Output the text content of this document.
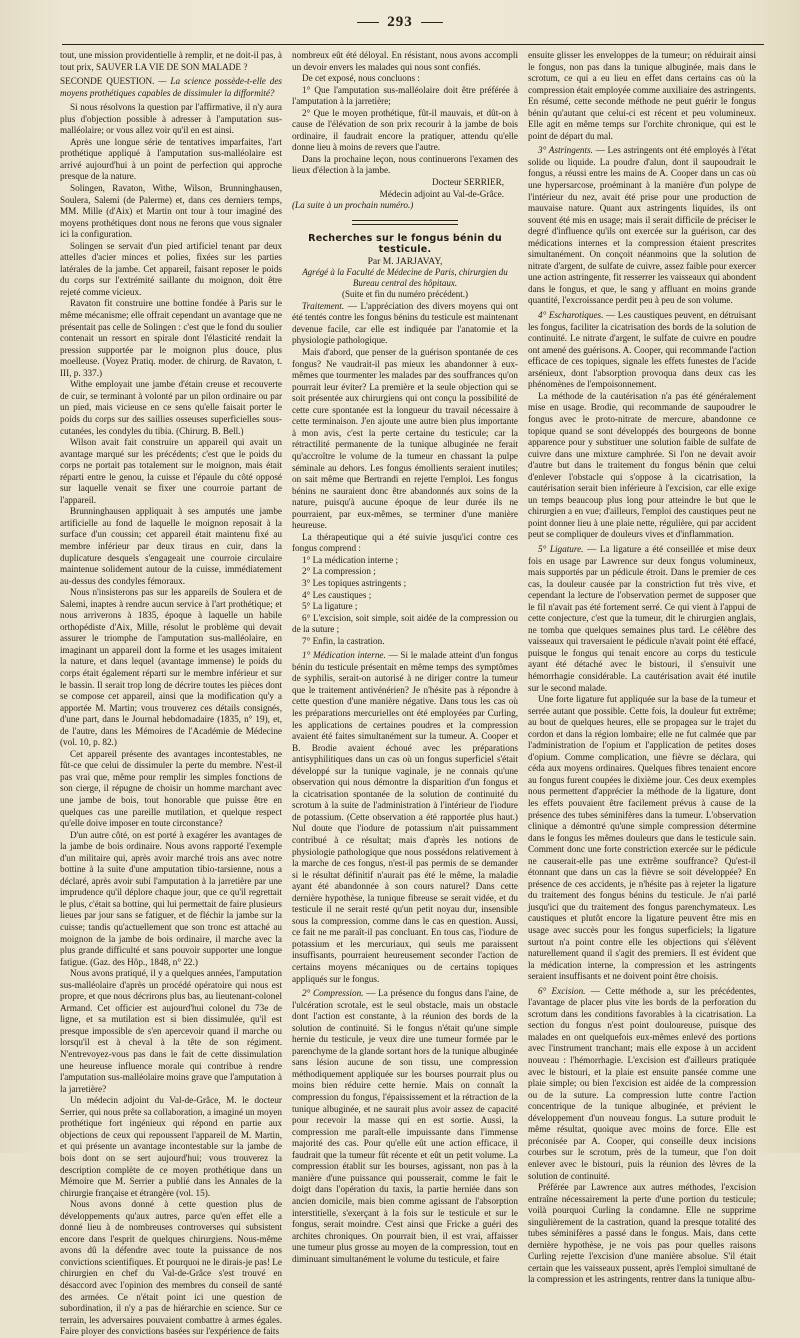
293

tout, une mission providentielle à remplir, et ne doit-il pas, à tout prix, SAUVER LA VIE DE SON MALADE ?

SECONDE QUESTION. — La science possède-t-elle des moyens prothétiques capables de dissimuler la difformité?

Si nous résolvons la question par l'affirmative, il n'y aura plus d'objection possible à adresser à l'amputation sus-malléolaire; or vous allez voir qu'il en est ainsi.

Après une longue série de tentatives imparfaites, l'art prothétique appliqué à l'amputation sus-malléolaire est arrivé aujourd'hui à un point de perfection qui approche presque de la nature.

Solingen, Ravaton, Withe, Wilson, Brunninghausen, Soulera, Salemi (de Palerme) et, dans ces derniers temps, MM. Mille (d'Aix) et Martin ont tour à tour imaginé des moyens prothétiques dont nous ne ferons que vous signaler ici la configuration.

Solingen se servait d'un pied artificiel tenant par deux attelles d'acier minces et polies, fixées sur les parties latérales de la jambe. Cet appareil, faisant reposer le poids du corps sur l'extrémité saillante du moignon, doit être rejeté comme vicieux.

Ravaton fit construire une bottine fondée à Paris sur le même mécanisme; elle offrait cependant un avantage que ne présentait pas celle de Solingen : c'est que le fond du soulier contenait un ressort en spirale dont l'élasticité rendait la pression supportée par le moignon plus douce, plus moelleuse. (Voyez Pratiq. moder. de chirurg. de Ravaton, t. III, p. 337.)

Withe employait une jambe d'étain creuse et recouverte de cuir, se terminant à volonté par un pilon ordinaire ou par un pied, mais vicieuse en ce sens qu'elle faisait porter le poids du corps sur des saillies osseuses superficielles sous-cutanées, les condyles du tibia. (Chirurg. B. Bell.)

Wilson avait fait construire un appareil qui avait un avantage marqué sur les précédents; c'est que le poids du corps ne portait pas totalement sur le moignon, mais était réparti entre le genou, la cuisse et l'épaule du côté opposé sur laquelle venait se fixer une courroie partant de l'appareil.

Brunninghausen appliquait à ses amputés une jambe artificielle au fond de laquelle le moignon reposait à la surface d'un coussin; cet appareil était maintenu fixé au membre inférieur par deux tiraus en cuir, dans la duplicature desquels s'engageait une courroie circulaire maintenue solidement autour de la cuisse, immédiatement au-dessus des condyles fémoraux.

Nous n'insisterons pas sur les appareils de Soulera et de Salemi, inaptes à rendre aucun service à l'art prothétique; et nous arriverons à 1835, époque à laquelle un habile orthopédiste d'Aix, Mille, résolut le problème qui devait assurer le triomphe de l'amputation sus-malléolaire, en imaginant un appareil dont la forme et les usages imitaient la nature, et dans lequel (avantage immense) le poids du corps était également réparti sur le membre inférieur et sur le bassin. Il serait trop long de décrire toutes les pièces dont se compose cet appareil, ainsi que la modification qu'y a apportée M. Martin; vous trouverez ces détails consignés, d'une part, dans le Journal hebdomadaire (1835, n° 19), et, de l'autre, dans les Mémoires de l'Académie de Médecine (vol. 10, p. 82.)

Cet appareil présente des avantages incontestables, ne fût-ce que celui de dissimuler la perte du membre. N'est-il pas vrai que, même pour remplir les simples fonctions de son cierge, il répugne de choisir un homme marchant avec une jambe de bois, tout honorable que puisse être en quelques cas une pareille mutilation, et quelque respect qu'elle doive imposer en toute circonstance?

D'un autre côté, on est porté à exagérer les avantages de la jambe de bois ordinaire. Nous avons rapporté l'exemple d'un militaire qui, après avoir marché trois ans avec notre bottine à la suite d'une amputation tibio-tarsienne, nous a déclaré, après avoir subi l'amputation à la jarretière par une imprudence qu'il déplore chaque jour, que ce qu'il regrettait le plus, c'était sa bottine, qui lui permettait de faire plusieurs lieues par jour sans se fatiguer, et de fléchir la jambe sur la cuisse; tandis qu'actuellement que son tronc est attaché au moignon de la jambe de bois ordinaire, il marche avec la plus grande difficulté et sans pouvoir supporter une longue fatigue. (Gaz. des Hôp., 1848, n° 22.)

Nous avons pratiqué, il y a quelques années, l'amputation sus-malléolaire d'après un procédé opératoire qui nous est propre, et que nous décrirons plus bas, au lieutenant-colonel Armand. Cet officier est aujourd'hui colonel du 73e de ligne, et sa mutilation est si bien dissimulée, qu'il est presque impossible de s'en apercevoir quand il marche ou lorsqu'il est à cheval à la tête de son régiment. N'entrevoyez-vous pas dans le fait de cette dissimulation une heureuse influence morale qui contribue à rendre l'amputation sus-malléolaire moins grave que l'amputation à la jarretière?

Un médecin adjoint du Val-de-Grâce, M. le docteur Serrier, qui nous prête sa collaboration, a imaginé un moyen prothétique fort ingénieux qui répond en partie aux objections de ceux qui repoussent l'appareil de M. Martin, et qui présente un avantage incontestable sur la jambe de bois dont on se sert aujourd'hui; vous trouverez la description complète de ce moyen prothétique dans un Mémoire que M. Serrier a publié dans les Annales de la chirurgie française et étrangère (vol. 15).

Nous avons donné à cette question plus de développements qu'aux autres, parce qu'en effet elle a donné lieu à de nombreuses controverses qui subsistent encore dans l'esprit de quelques chirurgiens. Nous-même avons dû la défendre avec toute la puissance de nos convictions scientifiques. Et pourquoi ne le dirais-je pas! Le chirurgien en chef du Val-de-Grâce s'est trouvé en désaccord avec l'opinion des membres du conseil de santé des armées. Ce n'était point ici une question de subordination, il n'y a pas de hiérarchie en science. Sur ce terrain, les adversaires pouvaient combattre à armes égales. Faire ployer des convictions basées sur l'expérience de faits

nombreux eût été déloyal. En résistant, nous avons accompli un devoir envers les malades qui nous sont confiés.

De cet exposé, nous concluons :

1° Que l'amputation sus-malléolaire doit être préférée à l'amputation à la jarretière;

2° Que le moyen prothétique, fût-il mauvais, et dût-on à cause de l'élévation de son prix recourir à la jambe de bois ordinaire, il faudrait encore la pratiquer, attendu qu'elle donne lieu à moins de revers que l'autre.

Dans la prochaine leçon, nous continuerons l'examen des lieux d'élection à la jambe.

Docteur SERRIER,

Médecin adjoint au Val-de-Grâce.

(La suite à un prochain numéro.)

Recherches sur le fongus bénin du testicule.

Par M. JARJAVAY,

Agrégé à la Faculté de Médecine de Paris, chirurgien du Bureau central des hôpitaux.

(Suite et fin du numéro précédent.)

Traitement. — L'appréciation des divers moyens qui ont été tentés contre les fongus bénins du testicule est maintenant devenue facile, car elle est indiquée par l'anatomie et la physiologie pathologique.

Mais d'abord, que penser de la guérison spontanée de ces fongus? Ne vaudrait-il pas mieux les abandonner à eux-mêmes que tourmenter les malades par des souffrances qu'on pourrait leur éviter? La première et la seule objection qui se soit présentée aux chirurgiens qui ont conçu la possibilité de cette cure spontanée est la longueur du travail nécessaire à cette terminaison. J'en ajoute une autre bien plus importante à mon avis, c'est la perte certaine du testicule; car la rétractilité permanente de la tunique albuginée ne ferait qu'accroître le volume de la tumeur en chassant la pulpe séminale au dehors. Les fongus émollients seraient inutiles; on sait même que Bertrandi en rejette l'emploi. Les fongus bénins ne sauraient donc être abandonnés aux soins de la nature, puisqu'à aucune époque de leur durée ils ne pourraient, par eux-mêmes, se terminer d'une manière heureuse.

La thérapeutique qui a été suivie jusqu'ici contre ces fongus comprend :

1° La médication interne ;

2° La compression ;

3° Les topiques astringents ;

4° Les caustiques ;

5° La ligature ;

6° L'excision, soit simple, soit aidée de la compression ou de la suture ;

7° Enfin, la castration.

1° Médication interne. — Si le malade atteint d'un fongus bénin du testicule présentait en même temps des symptômes de syphilis, serait-on autorisé à ne diriger contre la tumeur que le traitement antivénérien? Je n'hésite pas à répondre à cette question d'une manière négative. Dans tous les cas où les préparations mercurielles ont été employées par Curling, les applications de certaines poudres et la compression avaient été faites simultanément sur la tumeur. A. Cooper et B. Brodie avaient échoué avec les préparations antisyphilitiques dans un cas où un fongus superficiel s'était développé sur la tunique vaginale, je ne connais qu'une observation qui nous démontre la disparition d'un fongus et la cicatrisation spontanée de la solution de continuité du scrotum à la suite de l'administration à l'intérieur de l'iodure de potassium. (Cette observation a été rapportée plus haut.) Nul doute que l'iodure de potassium n'ait puissamment contribué à ce résultat; mais d'après les notions de physiologie pathologique que nous possédons relativement à la marche de ces fongus, n'est-il pas permis de se demander si le résultat définitif n'aurait pas été le même, la maladie ayant été abandonnée à son cours naturel? Dans cette dernière hypothèse, la tunique fibreuse se serait vidée, et du testicule il ne serait resté qu'un petit noyau dur, insensible sous la compression, comme dans le cas en question. Aussi, ce fait ne me paraît-il pas concluant. En tous cas, l'iodure de potassium et les mercuriaux, qui seuls me paraissent insuffisants, pourraient heureusement seconder l'action de certains moyens mécaniques ou de certains topiques appliqués sur le fongus.

2° Compression. — La présence du fongus dans l'aine, de l'ulcération scrotale, est le seul obstacle, mais un obstacle dont l'action est constante, à la réunion des bords de la solution de continuité. Si le fongus n'était qu'une simple hernie du testicule, je veux dire une tumeur formée par le parenchyme de la glande sortant hors de la tunique albuginée sans lésion aucune de son tissu, une compression méthodiquement appliquée sur les bourses pourrait plus ou moins bien réduire cette hernie. Mais on connaît la compression du fongus, l'épaississement et la rétraction de la tunique albuginée, et ne saurait plus avoir assez de capacité pour recevoir la masse qui en est sortie. Aussi, la compression me paraît-elle impuissante dans l'immense majorité des cas. Pour qu'elle eût une action efficace, il faudrait que la tumeur fût récente et eût un petit volume. La compression établit sur les bourses, agissant, non pas à la manière d'une puissance qui pousserait, comme le fait le doigt dans l'opération du taxis, la partie herniée dans son ancien domicile, mais bien comme agissant de l'absorption interstitielle, s'exerçant à la fois sur le testicule et sur le fongus, serait moindre. C'est ainsi que Fricke a guéri des archites chroniques. On pourrait bien, il est vrai, affaisser une tumeur plus grosse au moyen de la compression, tout en diminuant simultanément le volume du testicule, et faire

ensuite glisser les enveloppes de la tumeur; on réduirait ainsi le fongus, non pas dans la tunique albuginée, mais dans le scrotum, ce qui a eu lieu en effet dans certains cas où la compression était employée comme auxiliaire des astringents. En résumé, cette seconde méthode ne peut guérir le fongus bénin qu'autant que celui-ci est récent et peu volumineux. Elle agit en même temps sur l'orchite chronique, qui est le point de départ du mal.

3° Astringents. — Les astringents ont été employés à l'état solide ou liquide. La poudre d'alun, dont il saupoudrait le fongus, a réussi entre les mains de A. Cooper dans un cas où une hypersarcose, proéminant à la manière d'un polype de l'intérieur du nez, avait été prise pour une production de mauvaise nature. Quant aux astringents liquides, ils ont souvent été mis en usage; mais il serait difficile de préciser le degré d'influence qu'ils ont exercée sur la guérison, car des médications internes et la compression étaient prescrites simultanément. On conçoit néanmoins que la solution de nitrate d'argent, de sulfate de cuivre, assez faible pour exercer une action astringente, fit resserrer les vaisseaux qui abondent dans le fongus, et que, le sang y affluant en moins grande quantité, l'excroissance perdit peu à peu de son volume.

4° Escharotiques. — Les caustiques peuvent, en détruisant les fongus, faciliter la cicatrisation des bords de la solution de continuité. Le nitrate d'argent, le sulfate de cuivre en poudre ont amené des guérisons. A. Cooper, qui recommande l'action efficace de ces topiques, signale les effets funestes de l'acide arsénieux, dont l'absorption provoqua dans deux cas les phénomènes de l'empoisonnement.

La méthode de la cautérisation n'a pas été généralement mise en usage. Brodie, qui recommande de saupoudrer le fongus avec le proto-nitrate de mercure, abandonne ce topique quand se sont développés des bourgeons de bonne apparence pour y substituer une solution faible de sulfate de cuivre dans une mixture camphrée. Si l'on ne devait avoir d'autre but dans le traitement du fongus bénin que celui d'enlever l'obstacle qui s'oppose à la cicatrisation, la cautérisation serait bien inférieure à l'excision, car elle exige un temps beaucoup plus long pour atteindre le but que le chirurgien a en vue; d'ailleurs, l'emploi des caustiques peut ne point donner lieu à une plaie nette, régulière, qui par accident peut se compliquer de douleurs vives et d'inflammation.

5° Ligature. — La ligature a été conseillée et mise deux fois en usage par Lawrence sur deux fongus volumineux, mais supportés par un pédicule étroit. Dans le premier de ces cas, la douleur causée par la constriction fut très vive, et cependant la lecture de l'observation permet de supposer que le fil n'avait pas été fortement serré. Ce qui vient à l'appui de cette conjecture, c'est que la tumeur, dit le chirurgien anglais, ne tomba que quelques semaines plus tard. Le célèbre des vaisseaux qui traversaient le pédicule n'avait point été effacé, puisque le fongus qui tenait encore au corps du testicule ayant été détaché avec le bistouri, il s'ensuivit une hémorrhagie considérable. La cautérisation avait été inutile sur le second malade.

Une forte ligature fut appliquée sur la base de la tumeur et serrée autant que possible. Cette fois, la douleur fut extrême; au bout de quelques heures, elle se propagea sur le trajet du cordon et dans la région lombaire; elle ne fut calmée que par l'administration de l'opium et l'application de petites doses d'opium. Comme complication, une fièvre se déclara, qui céda aux moyens ordinaires. Quelques fibres tenaient encore au fongus furent coupées le dixième jour. Ces deux exemples nous permettent d'apprécier la méthode de la ligature, dont les effets pouvaient être facilement prévus à cause de la présence des tubes séminifères dans la tumeur. L'observation clinique a démontré qu'une simple compression détermine dans le fongus les mêmes douleurs que dans le testicule sain. Comment donc une forte constriction exercée sur le pédicule ne causerait-elle pas une extrême souffrance? Qu'est-il étonnant que dans un cas la fièvre se soit développée? En présence de ces accidents, je n'hésite pas à rejeter la ligature du traitement des fongus bénins du testicule. Je n'ai parlé jusqu'ici que du traitement des fongus parenchymateux. Les caustiques et plutôt encore la ligature peuvent être mis en usage avec succès pour les fongus superficiels; la ligature surtout n'a point contre elle les objections qui s'élèvent naturellement quand il s'agit des premiers. Il est évident que la médication interne, la compression et les astringents seraient insuffisants et ne doivent point être choisis.

6° Excision. — Cette méthode a, sur les précédentes, l'avantage de placer plus vite les bords de la perforation du scrotum dans les conditions favorables à la cicatrisation. La section du fongus n'est point douloureuse, puisque des malades en ont quelquefois eux-mêmes enlevé des portions avec l'instrument tranchant; mais elle expose à un accident nouveau : l'hémorrhagie. L'excision est d'ailleurs pratiquée avec le bistouri, et la plaie est ensuite pansée comme une plaie simple; ou bien l'excision est aidée de la compression ou de la suture. La compression lutte contre l'action concentrique de la tunique albuginée, et prévient le développement d'un nouveau fongus. La suture produit le même résultat, quoique avec moins de force. Elle est préconisée par A. Cooper, qui conseille deux incisions courbes sur le scrotum, près de la tumeur, que l'on doit enlever avec le bistouri, puis la réunion des lèvres de la solution de continuité.

Préférée par Lawrence aux autres méthodes, l'excision entraîne nécessairement la perte d'une portion du testicule; voilà pourquoi Curling la condamne. Elle ne supprime singulièrement de la castration, quand la presque totalité des tubes séminifères a passé dans le fongus. Mais, dans cette dernière hypothèse, je ne vois pas pour quelles raisons Curling rejette l'excision d'une manière absolue. S'il était certain que les vaisseaux pussent, après l'emploi simultané de la compression et les astringents, rentrer dans la tunique albu-
